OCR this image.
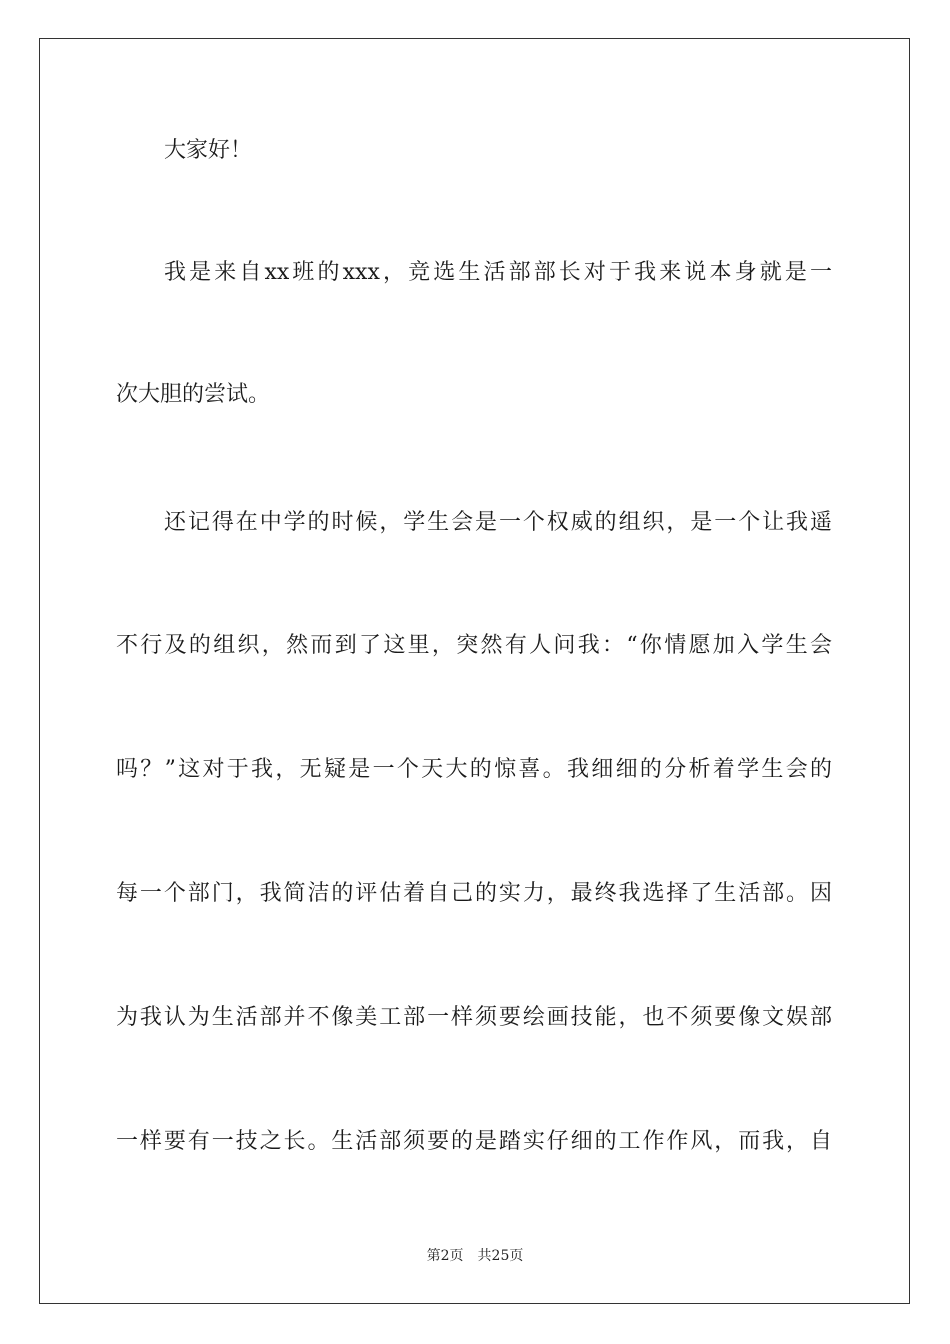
大家好！
我是来自xx班的xxx，竞选生活部部长对于我来说本身就是一
次大胆的尝试。
还记得在中学的时候，学生会是一个权威的组织，是一个让我遥
不行及的组织，然而到了这里，突然有人问我：“你情愿加入学生会
吗？”这对于我，无疑是一个天大的惊喜。我细细的分析着学生会的
每一个部门，我简洁的评估着自己的实力，最终我选择了生活部。因
为我认为生活部并不像美工部一样须要绘画技能，也不须要像文娱部
一样要有一技之长。生活部须要的是踏实仔细的工作作风，而我，自
第2页　共25页
